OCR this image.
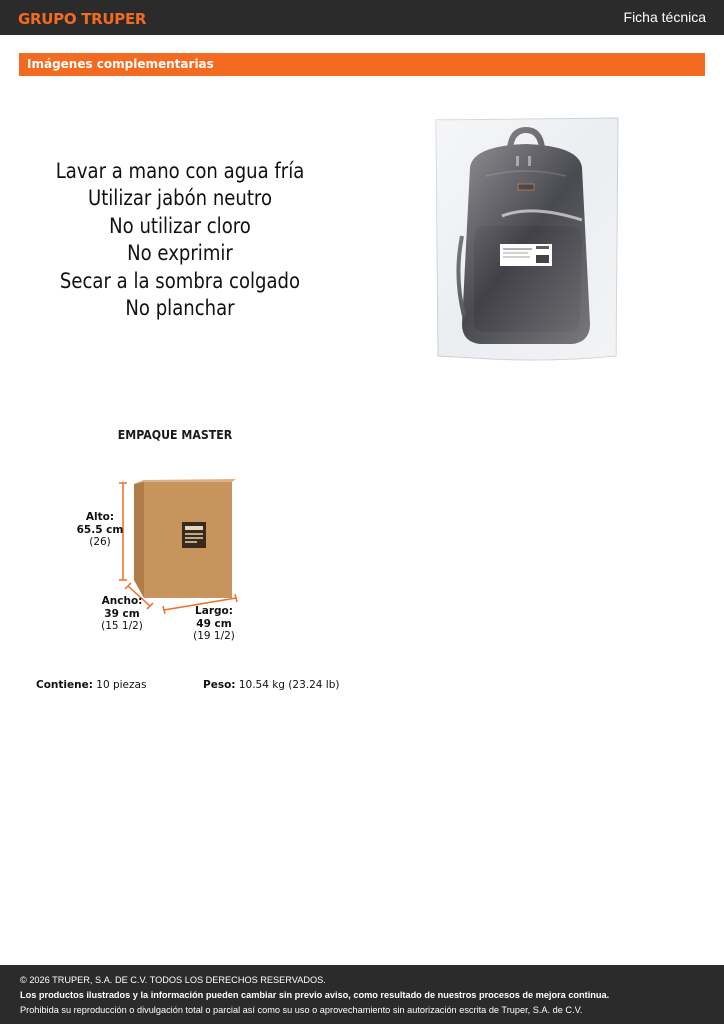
GRUPO TRUPER	Ficha técnica
Imágenes complementarias
Lavar a mano con agua fría
Utilizar jabón neutro
No utilizar cloro
No exprimir
Secar a la sombra colgado
No planchar
EMPAQUE MASTER
Alto:
65.5 cm
(26)
Ancho:
39 cm
(15 1/2)
Largo:
49 cm
(19 1/2)
Contiene: 10 piezas	Peso: 10.54 kg (23.24 lb)

© 2026 TRUPER, S.A. DE C.V. TODOS LOS DERECHOS RESERVADOS.

Los productos ilustrados y la información pueden cambiar sin previo aviso, como resultado de nuestros procesos de mejora continua.

Prohibida su reproducción o divulgación total o parcial así como su uso o aprovechamiento sin autorización escrita de Truper, S.A. de C.V.
